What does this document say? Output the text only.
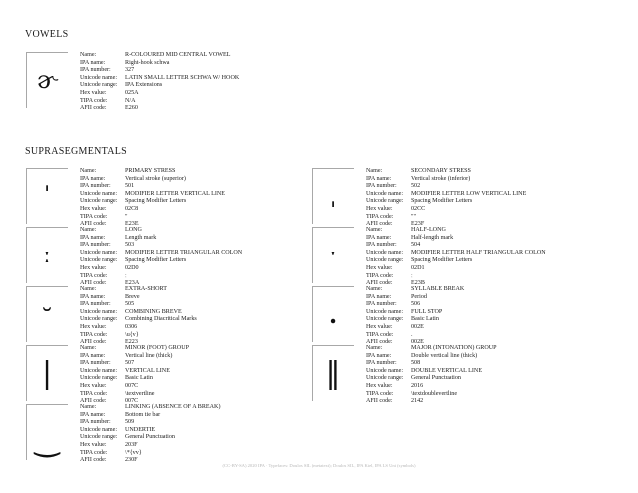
VOWELS
SUPRASEGMENTALS
ɚ
Name:	R-COLOURED MID CENTRAL VOWEL
IPA name:	Right-hook schwa
IPA number:	327
Unicode name:	LATIN SMALL LETTER SCHWA W/ HOOK
Unicode range:	IPA Extensions
Hex value:	025A
TIPA code:	N/A
AFII code:	E260
ˈ
Name:	PRIMARY STRESS
IPA name:	Vertical stroke (superior)
IPA number:	501
Unicode name:	MODIFIER LETTER VERTICAL LINE
Unicode range:	Spacing Modifier Letters
Hex value:	02C8
TIPA code:	"
AFII code:	E23E
ˌ
Name:	SECONDARY STRESS
IPA name:	Vertical stroke (inferior)
IPA number:	502
Unicode name:	MODIFIER LETTER LOW VERTICAL LINE
Unicode range:	Spacing Modifier Letters
Hex value:	02CC
TIPA code:	""
AFII code:	E23F
ː
Name:	LONG
IPA name:	Length mark
IPA number:	503
Unicode name:	MODIFIER LETTER TRIANGULAR COLON
Unicode range:	Spacing Modifier Letters
Hex value:	02D0
TIPA code:	ː
AFII code:	E23A
ˑ
Name:	HALF-LONG
IPA name:	Half-length mark
IPA number:	504
Unicode name:	MODIFIER LETTER HALF TRIANGULAR COLON
Unicode range:	Spacing Modifier Letters
Hex value:	02D1
TIPA code:	ː
AFII code:	E23B
˘
Name:	EXTRA-SHORT
IPA name:	Breve
IPA number:	505
Unicode name:	COMBINING BREVE
Unicode range:	Combining Diacritical Marks
Hex value:	0306
TIPA code:	\u{v}
AFII code:	E223
.
Name:	SYLLABLE BREAK
IPA name:	Period
IPA number:	506
Unicode name:	FULL STOP
Unicode range:	Basic Latin
Hex value:	002E
TIPA code:	.
AFII code:	002E
|
Name:	MINOR (FOOT) GROUP
IPA name:	Vertical line (thick)
IPA number:	507
Unicode name:	VERTICAL LINE
Unicode range:	Basic Latin
Hex value:	007C
TIPA code:	\textvertline
AFII code:	007C
‖
Name:	MAJOR (INTONATION) GROUP
IPA name:	Double vertical line (thick)
IPA number:	508
Unicode name:	DOUBLE VERTICAL LINE
Unicode range:	General Punctuation
Hex value:	2016
TIPA code:	\textdoublevertline
AFII code:	2142
‿
Name:	LINKING (ABSENCE OF A BREAK)
IPA name:	Bottom tie bar
IPA number:	509
Unicode name:	UNDERTIE
Unicode range:	General Punctuation
Hex value:	203F
TIPA code:	\*{vv}
AFII code:	230F
(CC-BY-SA) 2020 IPA · Typefaces: Doulos SIL (metatext); Doulos SIL, IPA Kiel, IPA LS Uni (symbols)
